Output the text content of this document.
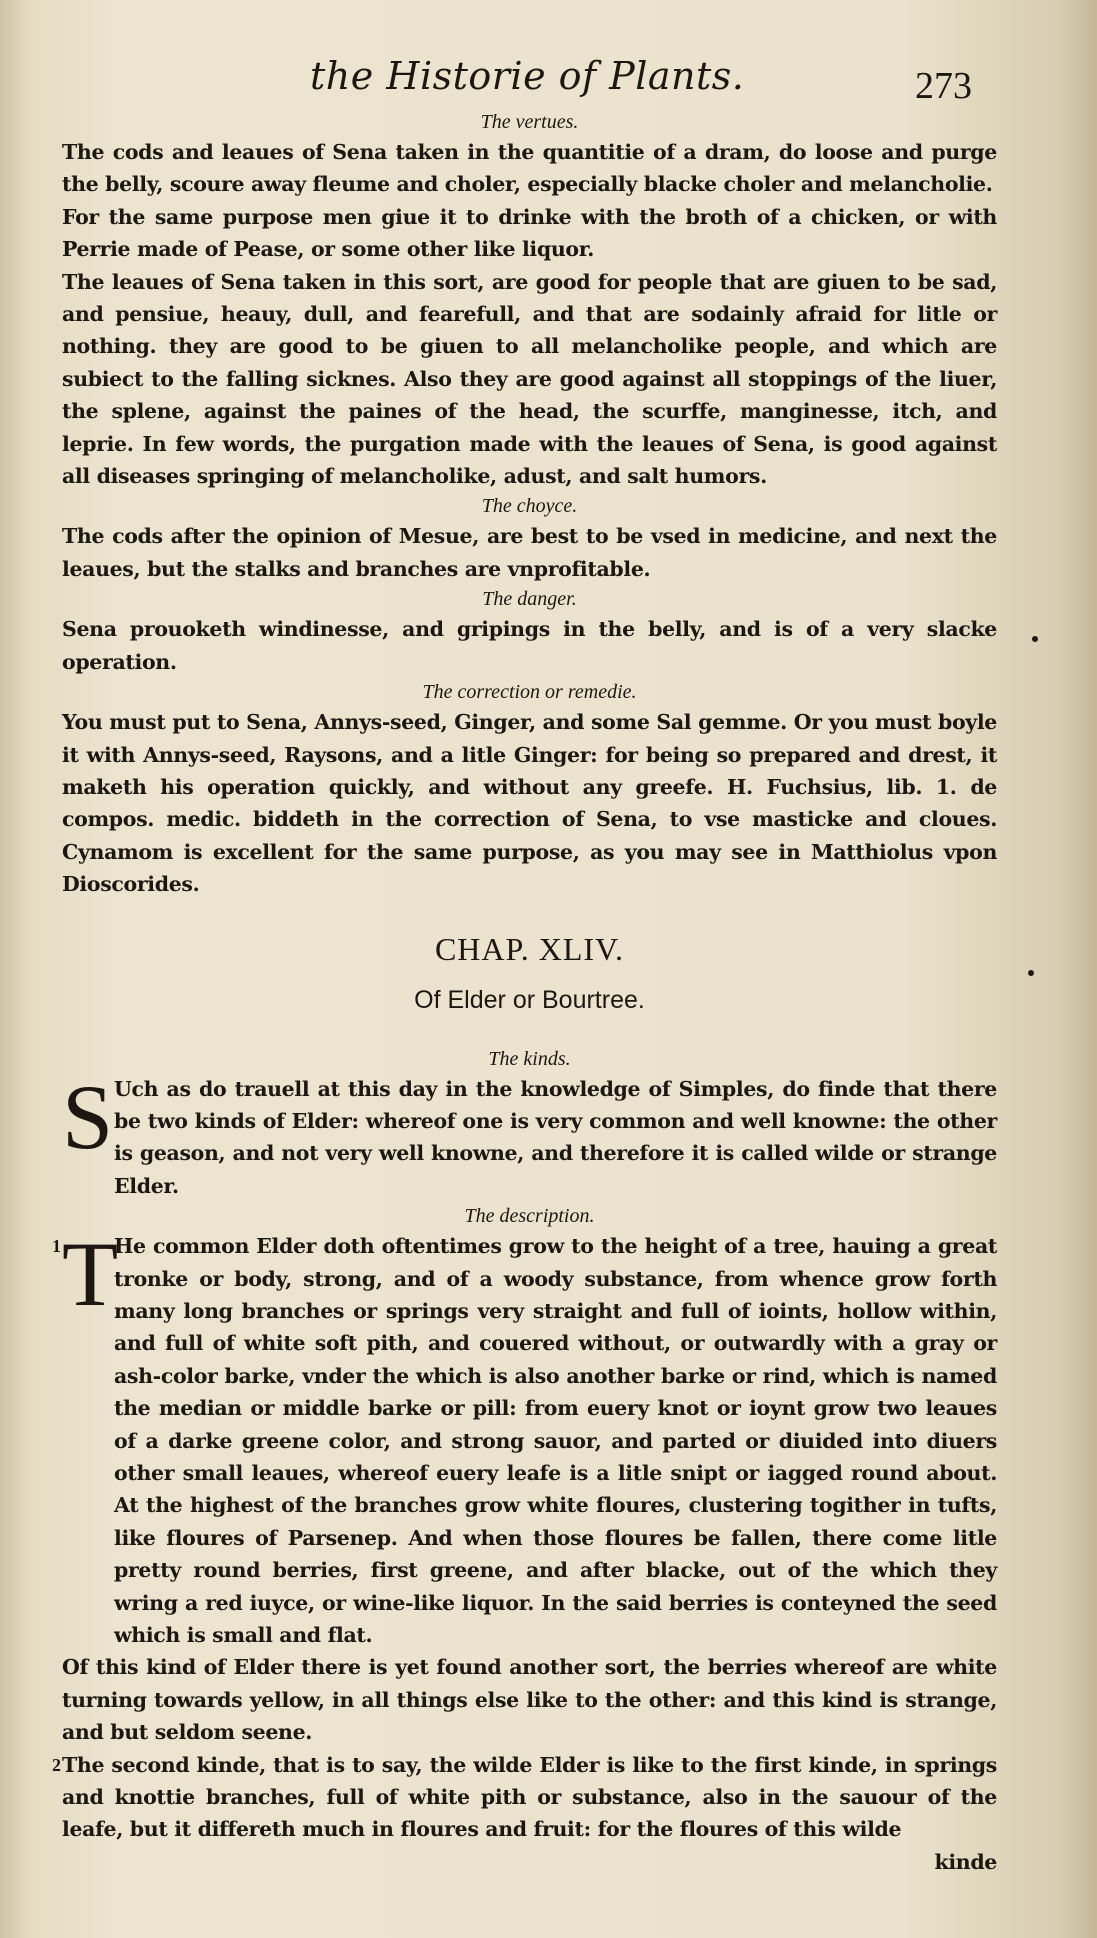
the Historie of Plants.	273
The vertues.

The cods and leaues of Sena taken in the quantitie of a dram, do loose and purge the belly, scoure away fleume and choler, especially blacke choler and melancholie.

For the same purpose men giue it to drinke with the broth of a chicken, or with Perrie made of Pease, or some other like liquor.

The leaues of Sena taken in this sort, are good for people that are giuen to be sad, and pensiue, heauy, dull, and fearefull, and that are sodainly afraid for litle or nothing. they are good to be giuen to all melancholike people, and which are subiect to the falling sicknes. Also they are good against all stoppings of the liuer, the splene, against the paines of the head, the scurffe, manginesse, itch, and leprie. In few words, the purgation made with the leaues of Sena, is good against all diseases springing of melancholike, adust, and salt humors.

The choyce.

The cods after the opinion of Mesue, are best to be vsed in medicine, and next the leaues, but the stalks and branches are vnprofitable.

The danger.

Sena prouoketh windinesse, and gripings in the belly, and is of a very slacke operation.

The correction or remedie.

You must put to Sena, Annys-seed, Ginger, and some Sal gemme. Or you must boyle it with Annys-seed, Raysons, and a litle Ginger: for being so prepared and drest, it maketh his operation quickly, and without any greefe. H. Fuchsius, lib. 1. de compos. medic. biddeth in the correction of Sena, to vse masticke and cloues. Cynamom is excellent for the same purpose, as you may see in Matthiolus vpon Dioscorides.

CHAP. XLIV.
Of Elder or Bourtree.
The kinds.
S Uch as do trauell at this day in the knowledge of Simples, do finde that there be two kinds of Elder: whereof one is very common and well knowne: the other is geason, and not very well knowne, and therefore it is called wilde or strange Elder.
The description.
1 T
He common Elder doth oftentimes grow to the height of a tree, hauing a great tronke or body, strong, and of a woody substance, from whence grow forth many long branches or springs very straight and full of ioints, hollow within, and full of white soft pith, and couered without, or outwardly with a gray or ash-color barke, vnder the which is also another barke or rind, which is named the median or middle barke or pill: from euery knot or ioynt grow two leaues of a darke greene color, and strong sauor, and parted or diuided into diuers other small leaues, whereof euery leafe is a litle snipt or iagged round about. At the highest of the branches grow white floures, clustering togither in tufts, like floures of Parsenep. And when those floures be fallen, there come litle pretty round berries, first greene, and after blacke, out of the which they wring a red iuyce, or wine-like liquor. In the said berries is conteyned the seed which is small and flat.

Of this kind of Elder there is yet found another sort, the berries whereof are white turning towards yellow, in all things else like to the other: and this kind is strange, and but seldom seene.

2 The second kinde, that is to say, the wilde Elder is like to the first kinde, in springs and knottie branches, full of white pith or substance, also in the sauour of the leafe, but it differeth much in floures and fruit: for the floures of this wilde
kinde
